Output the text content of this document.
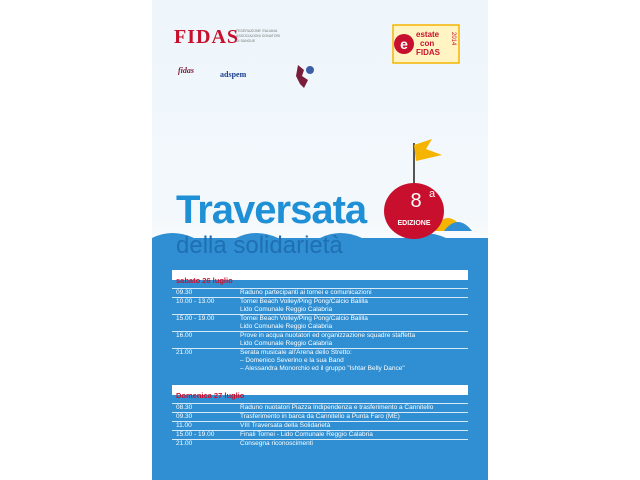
FIDAS
FEDERAZIONE ITALIANA ASSOCIAZIONI DONATORI DI SANGUE
fidas	adspem
e
estate
con
FIDAS
2014
8 a
EDIZIONE
Traversata
della solidarietà
sabato 26 luglio
09.30	Raduno partecipanti ai tornei e comunicazioni
10.00 - 13.00	Tornei Beach Volley/Ping Pong/Calcio Balilla
Lido Comunale Reggio Calabria
15.00 - 19.00	Tornei Beach Volley/Ping Pong/Calcio Balilla
Lido Comunale Reggio Calabria
16.00	Prove in acqua nuotatori ed organizzazione squadre staffetta
Lido Comunale Reggio Calabria
21.00	Serata musicale all'Arena dello Stretto:
– Domenico Severino e la sua Band
– Alessandra Monorchio ed il gruppo "Ishtar Belly Dance"
Domenica 27 luglio
08.30	Raduno nuotatori Piazza Indipendenza e trasferimento a Cannitello
09.30	Trasferimento in barca da Cannitello a Punta Faro (ME)
11.00	VIII Traversata della Solidarietà
15.00 - 19.00	Finali Tornei - Lido Comunale Reggio Calabria
21.00	Consegna riconoscimenti
